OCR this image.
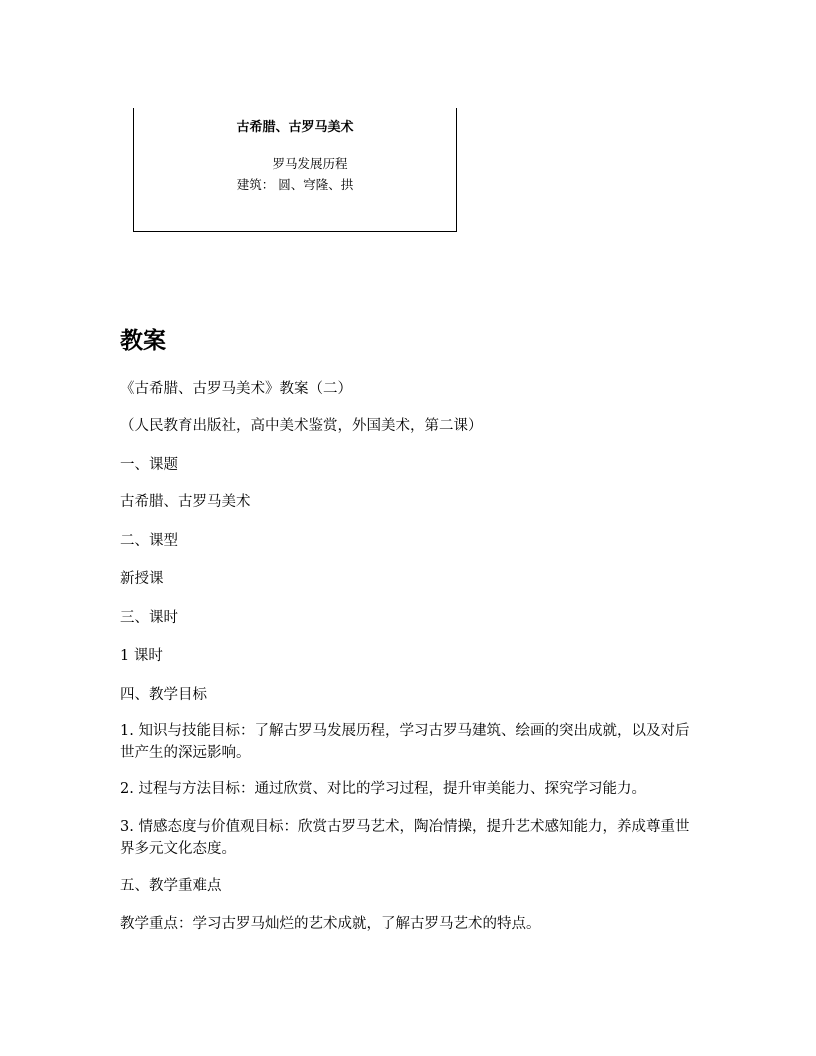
古希腊、古罗马美术
罗马发展历程
建筑： 圆、穹隆、拱
教案
《古希腊、古罗马美术》教案（二）
（人民教育出版社，高中美术鉴赏，外国美术，第二课）
一、课题
古希腊、古罗马美术
二、课型
新授课
三、课时
1 课时
四、教学目标
1. 知识与技能目标：了解古罗马发展历程，学习古罗马建筑、绘画的突出成就，以及对后世产生的深远影响。
2. 过程与方法目标：通过欣赏、对比的学习过程，提升审美能力、探究学习能力。
3. 情感态度与价值观目标：欣赏古罗马艺术，陶冶情操，提升艺术感知能力，养成尊重世界多元文化态度。
五、教学重难点
教学重点：学习古罗马灿烂的艺术成就，了解古罗马艺术的特点。
